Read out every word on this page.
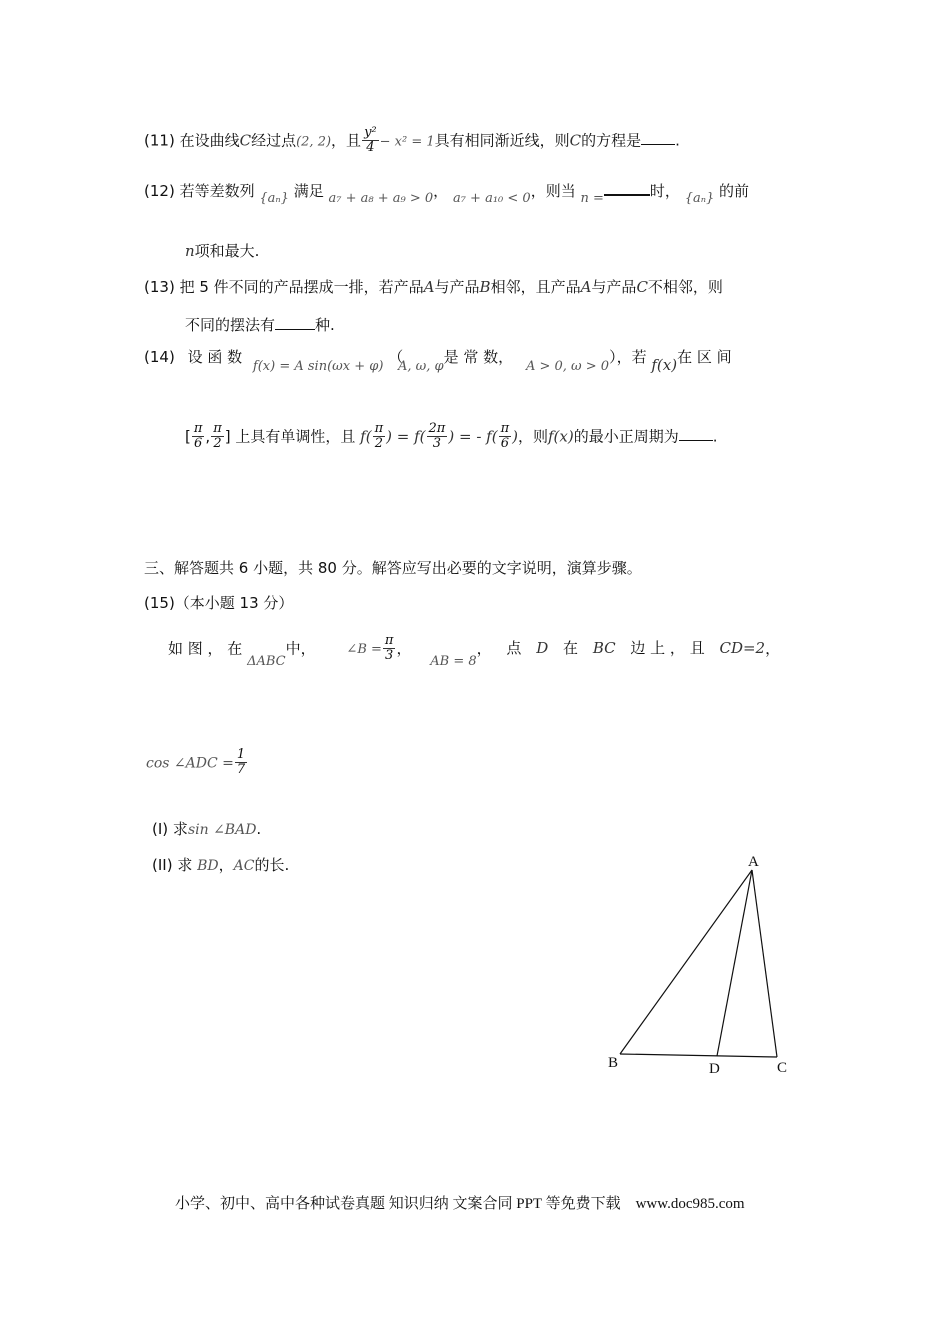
(11) 在设曲线C经过点(2, 2)，且 $\frac{\text{y²}}{4} - x^2 = 1$具有相同渐近线，则C的方程是 .
(12) 若等差数列 {aₙ} 满足 a₇ + a₈ + a₉ > 0， a₇ + a₁₀ < 0，则当 n =	时， {aₙ} 的前
n项和最大.
(13) 把 5 件不同的产品摆成一排，若产品A与产品B相邻，且产品A与产品C不相邻，则
不同的摆法有	种.
(14) 设 函 数 f(x) = A sin(ωx + φ) （ A, ω, φ是 常 数， A > 0, ω > 0），若 f(x)在 区 间
[ $\frac{\pi}{6}$ , $\frac{\pi}{2}$ ] 上具有单调性，且 $f( \frac{\pi}{2}$ ) = $f( \frac{2\pi}{3}$ ) = - $f( \frac{\pi}{6}$ )，则f(x)的最小正周期为 .
三、解答题共 6 小题，共 80 分。解答应写出必要的文字说明，演算步骤。
(15)（本小题 13 分）
如 图 ， 在 ΔABC中， ∠B = $\frac{\pi}{3}$ ， AB = 8， 点 D 在 BC 边 上 ， 且 CD=2，
cos ∠ADC = $\frac{1}{7}$
(I) 求sin ∠BAD.
(II) 求 BD，AC的长.	A
B	D	C
小学、初中、高中各种试卷真题 知识归纳 文案合同 PPT 等免费下载　www.doc985.com
